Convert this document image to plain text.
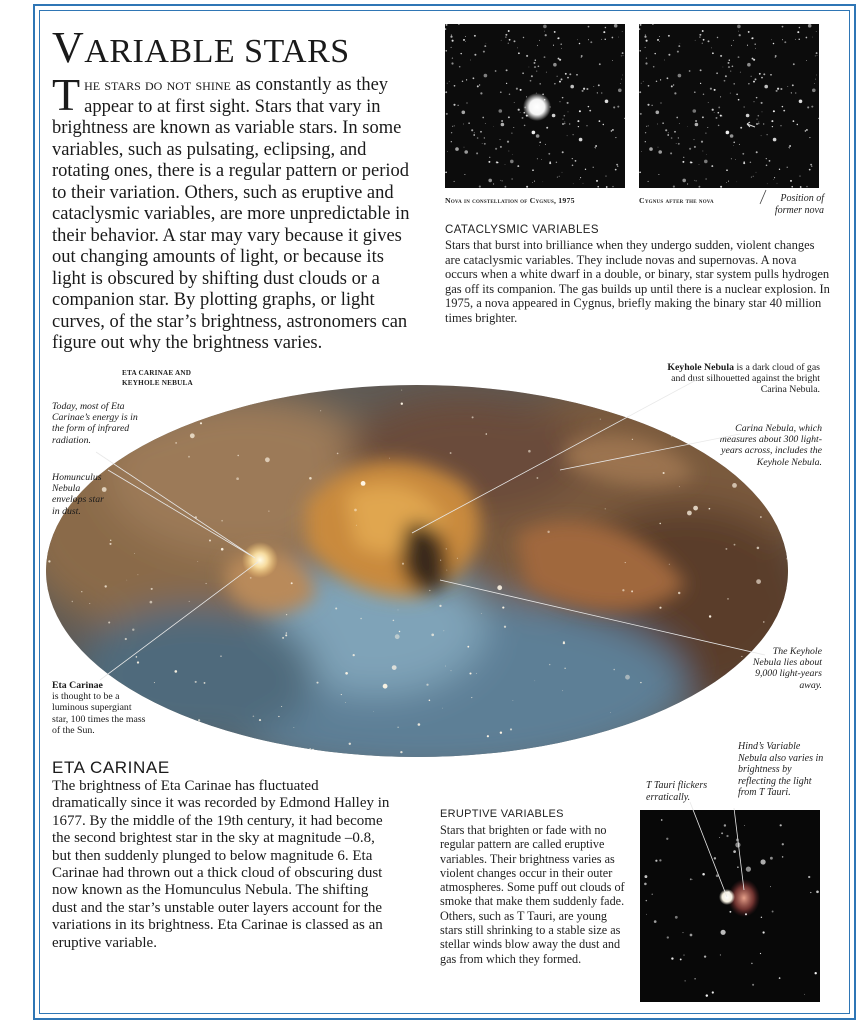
VARIABLE STARS
The stars do not shine as constantly as they appear to at first sight. Stars that vary in brightness are known as variable stars. In some variables, such as pulsating, eclipsing, and rotating ones, there is a regular pattern or period to their variation. Others, such as eruptive and cataclysmic variables, are more unpredictable in their behavior. A star may vary because it gives out changing amounts of light, or because its light is obscured by shifting dust clouds or a companion star. By plotting graphs, or light curves, of the star’s brightness, astronomers can figure out why the brightness varies.
Nova in constellation of Cygnus, 1975	Cygnus after the nova	Position of former nova
CATACLYSMIC VARIABLES
Stars that burst into brilliance when they undergo sudden, violent changes are cataclysmic variables. They include novas and supernovas. A nova occurs when a white dwarf in a double, or binary, star system pulls hydrogen gas off its companion. The gas builds up until there is a nuclear explosion. In 1975, a nova appeared in Cygnus, briefly making the binary star 40 million times brighter.
ETA CARINAE AND KEYHOLE NEBULA
Today, most of Eta Carinae’s energy is in the form of infrared radiation.
Homunculus Nebula envelops star in dust.
Eta Carinae
is thought to be a luminous supergiant star, 100 times the mass of the Sun.
Keyhole Nebula is a dark cloud of gas and dust silhouetted against the bright Carina Nebula.
Carina Nebula, which measures about 300 light-years across, includes the Keyhole Nebula.
The Keyhole Nebula lies about 9,000 light-years away.
ETA CARINAE
The brightness of Eta Carinae has fluctuated dramatically since it was recorded by Edmond Halley in 1677. By the middle of the 19th century, it had become the second brightest star in the sky at magnitude –0.8, but then suddenly plunged to below magnitude 6. Eta Carinae had thrown out a thick cloud of obscuring dust now known as the Homunculus Nebula. The shifting dust and the star’s unstable outer layers account for the variations in its brightness. Eta Carinae is classed as an eruptive variable.
ERUPTIVE VARIABLES
Stars that brighten or fade with no regular pattern are called eruptive variables. Their brightness varies as violent changes occur in their outer atmospheres. Some puff out clouds of smoke that make them suddenly fade. Others, such as T Tauri, are young stars still shrinking to a stable size as stellar winds blow away the dust and gas from which they formed.
T Tauri flickers erratically.
Hind’s Variable Nebula also varies in brightness by reflecting the light from T Tauri.
